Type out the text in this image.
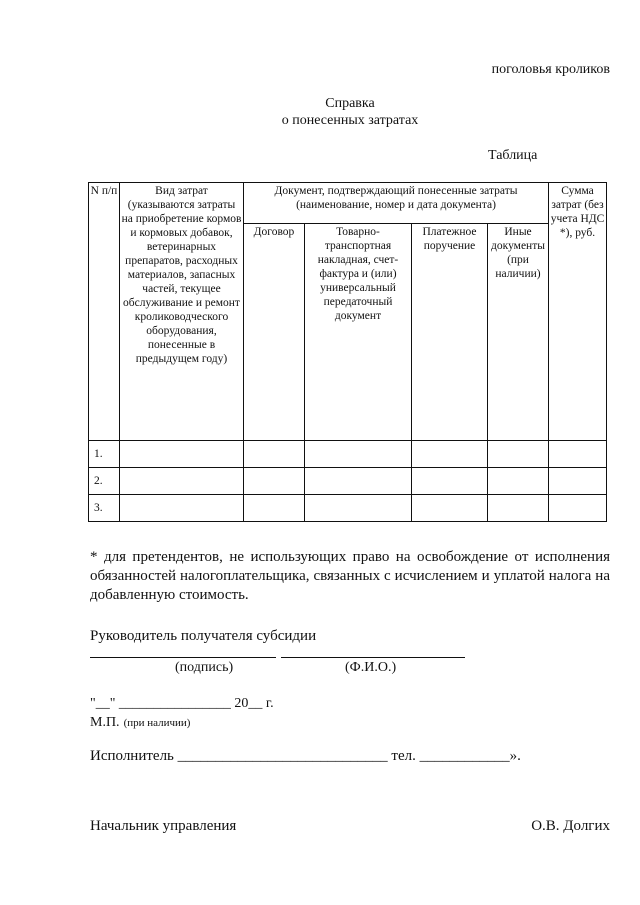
поголовья кроликов
Справка
о понесенных затратах
Таблица
N п/п	Вид затрат (указываются затраты на приобретение кормов и кормовых добавок, ветеринарных препаратов, расходных материалов, запасных частей, текущее обслуживание и ремонт кролиководческого оборудования, понесенные в предыдущем году)	Документ, подтверждающий понесенные затраты (наименование, номер и дата документа)				Сумма затрат (без учета НДС *), руб.
		Договор	Товарно-транспортная накладная, счет-фактура и (или) универсальный передаточный документ	Платежное поручение	Иные документы (при наличии)	
1.						
2.						
3.						
* для претендентов, не использующих право на освобождение от исполнения обязанностей налогоплательщика, связанных с исчислением и уплатой налога на добавленную стоимость.
Руководитель получателя субсидии
(подпись)	(Ф.И.О.)
"__" ________________ 20__ г.
М.П. (при наличии)
Исполнитель ____________________________ тел. ____________».
Начальник управления	О.В. Долгих
